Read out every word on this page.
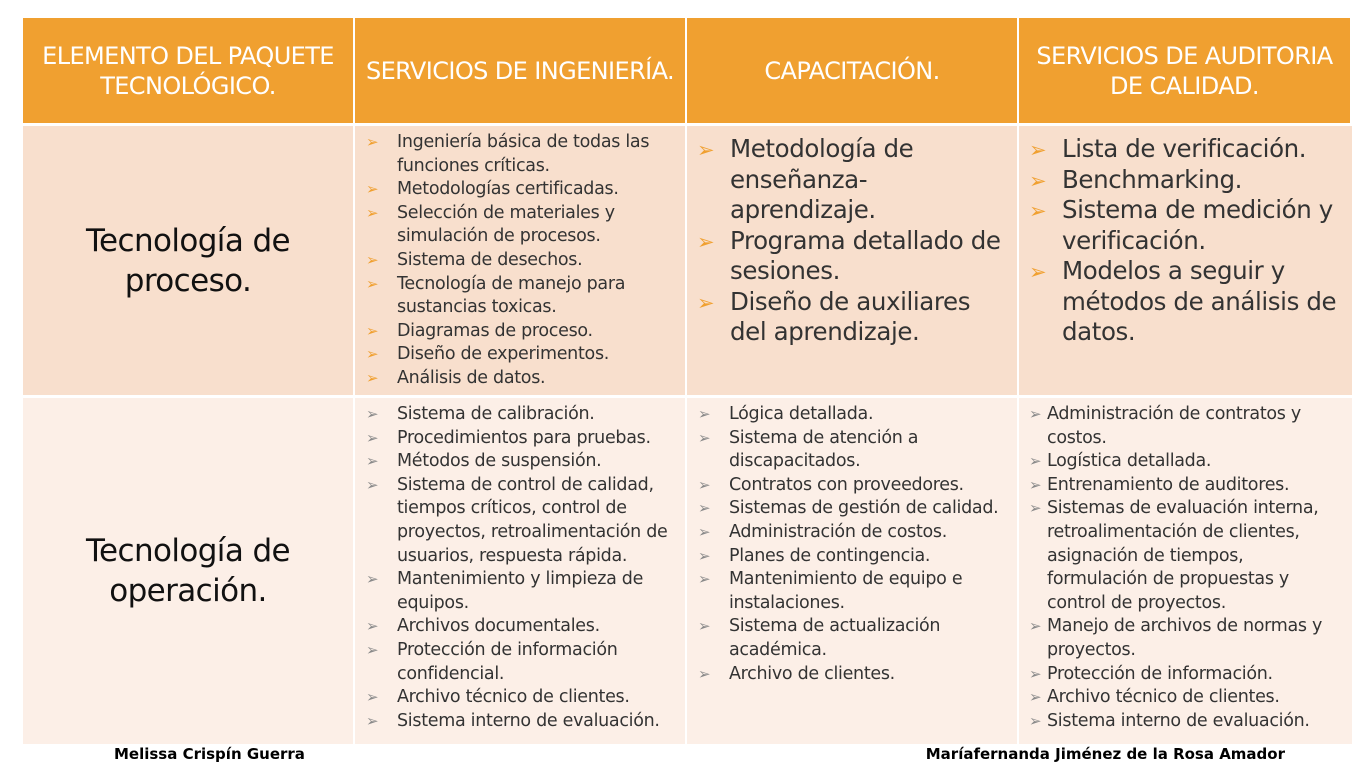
ELEMENTO DEL PAQUETE TECNOLÓGICO.
SERVICIOS DE INGENIERÍA.	CAPACITACIÓN.
SERVICIOS DE AUDITORIA DE CALIDAD.
Tecnología de proceso.
➢ Ingeniería básica de todas las funciones críticas.
➢ Metodologías certificadas.
➢ Selección de materiales y simulación de procesos.
➢ Sistema de desechos.
➢ Tecnología de manejo para sustancias toxicas.
➢ Diagramas de proceso.
➢ Diseño de experimentos.
➢ Análisis de datos.
➢ Metodología de enseñanza-aprendizaje.
➢ Programa detallado de sesiones.
➢ Diseño de auxiliares del aprendizaje.
➢ Lista de verificación.
➢ Benchmarking.
➢ Sistema de medición y verificación.
➢ Modelos a seguir y métodos de análisis de datos.
Tecnología de operación.
➢ Sistema de calibración.
➢ Procedimientos para pruebas.
➢ Métodos de suspensión.
➢ Sistema de control de calidad, tiempos críticos, control de proyectos, retroalimentación de usuarios, respuesta rápida.
➢ Mantenimiento y limpieza de equipos.
➢ Archivos documentales.
➢ Protección de información confidencial.
➢ Archivo técnico de clientes.
➢ Sistema interno de evaluación.
➢ Lógica detallada.
➢ Sistema de atención a discapacitados.
➢ Contratos con proveedores.
➢ Sistemas de gestión de calidad.
➢ Administración de costos.
➢ Planes de contingencia.
➢ Mantenimiento de equipo e instalaciones.
➢ Sistema de actualización académica.
➢ Archivo de clientes.
➢ Administración de contratos y costos.
➢ Logística detallada.
➢ Entrenamiento de auditores.
➢ Sistemas de evaluación interna, retroalimentación de clientes, asignación de tiempos, formulación de propuestas y control de proyectos.
➢ Manejo de archivos de normas y proyectos.
➢ Protección de información.
➢ Archivo técnico de clientes.
➢ Sistema interno de evaluación.
Melissa Crispín Guerra	Maríafernanda Jiménez de la Rosa Amador
